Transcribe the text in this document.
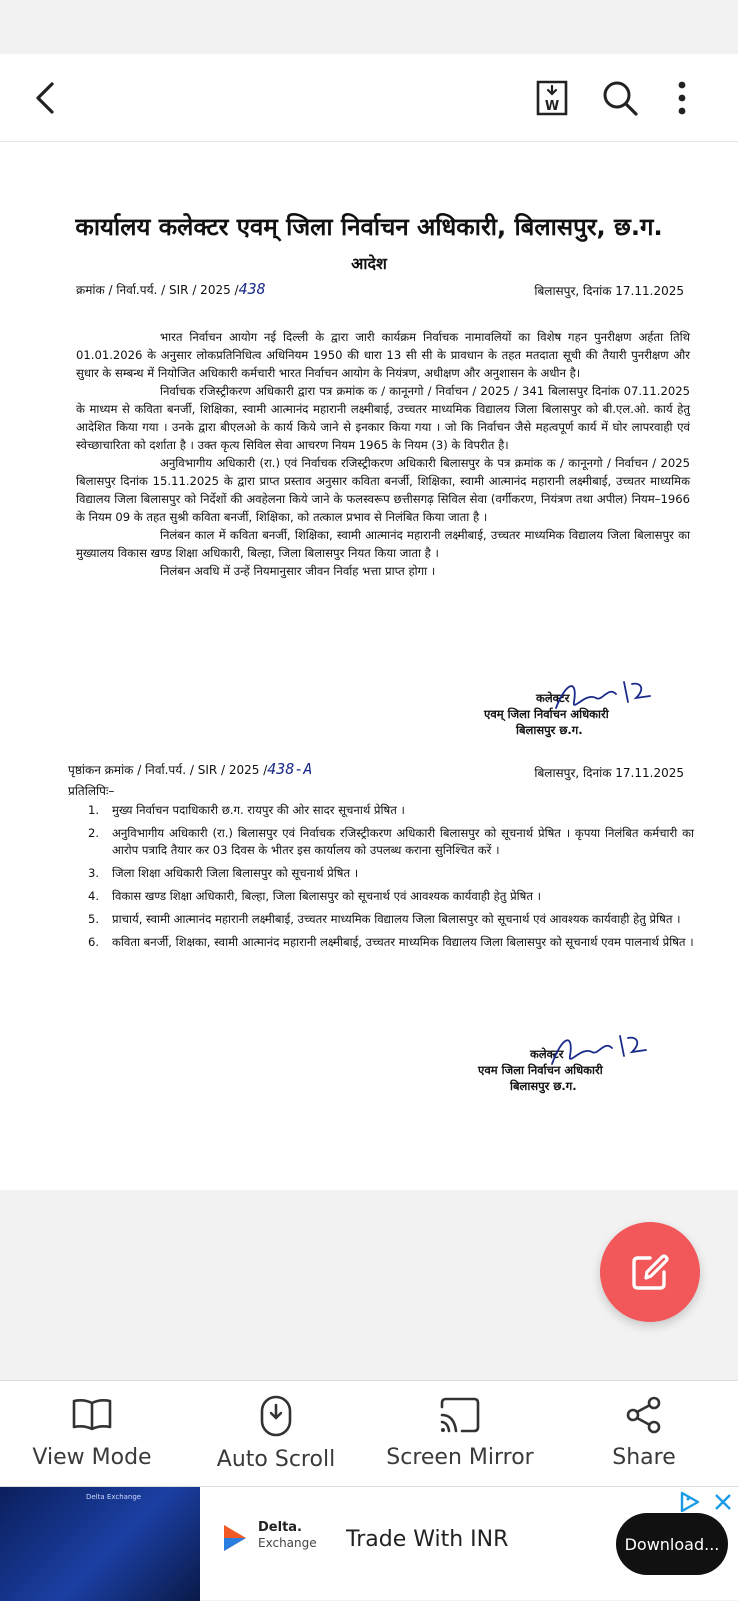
W
कार्यालय कलेक्टर एवम् जिला निर्वाचन अधिकारी, बिलासपुर, छ.ग.
आदेश
क्रमांक / निर्वा.पर्य. / SIR / 2025 /438	बिलासपुर, दिनांक 17.11.2025

भारत निर्वाचन आयोग नई दिल्ली के द्वारा जारी कार्यक्रम निर्वाचक नामावलियों का विशेष गहन पुनरीक्षण अर्हता तिथि 01.01.2026 के अनुसार लोकप्रतिनिधित्व अधिनियम 1950 की धारा 13 सी सी के प्रावधान के तहत मतदाता सूची की तैयारी पुनरीक्षण और सुधार के सम्बन्ध में नियोजित अधिकारी कर्मचारी भारत निर्वाचन आयोग के नियंत्रण, अधीक्षण और अनुशासन के अधीन है।

निर्वाचक रजिस्ट्रीकरण अधिकारी द्वारा पत्र क्रमांक क / कानूनगो / निर्वाचन / 2025 / 341 बिलासपुर दिनांक 07.11.2025 के माध्यम से कविता बनर्जी, शिक्षिका, स्वामी आत्मानंद महारानी लक्ष्मीबाई, उच्चतर माध्यमिक विद्यालय जिला बिलासपुर को बी.एल.ओ. कार्य हेतु आदेशित किया गया । उनके द्वारा बीएलओ के कार्य किये जाने से इनकार किया गया । जो कि निर्वाचन जैसे महत्वपूर्ण कार्य में घोर लापरवाही एवं स्वेच्छाचारिता को दर्शाता है । उक्त कृत्य सिविल सेवा आचरण नियम 1965 के नियम (3) के विपरीत है।

अनुविभागीय अधिकारी (रा.) एवं निर्वाचक रजिस्ट्रीकरण अधिकारी बिलासपुर के पत्र क्रमांक क / कानूनगो / निर्वाचन / 2025 बिलासपुर दिनांक 15.11.2025 के द्वारा प्राप्त प्रस्ताव अनुसार कविता बनर्जी, शिक्षिका, स्वामी आत्मानंद महारानी लक्ष्मीबाई, उच्चतर माध्यमिक विद्यालय जिला बिलासपुर को निर्देशों की अवहेलना किये जाने के फलस्वरूप छत्तीसगढ़ सिविल सेवा (वर्गीकरण, नियंत्रण तथा अपील) नियम–1966 के नियम 09 के तहत सुश्री कविता बनर्जी, शिक्षिका, को तत्काल प्रभाव से निलंबित किया जाता है ।

निलंबन काल में कविता बनर्जी, शिक्षिका, स्वामी आत्मानंद महारानी लक्ष्मीबाई, उच्चतर माध्यमिक विद्यालय जिला बिलासपुर का मुख्यालय विकास खण्ड शिक्षा अधिकारी, बिल्हा, जिला बिलासपुर नियत किया जाता है ।

निलंबन अवधि में उन्हें नियमानुसार जीवन निर्वाह भत्ता प्राप्त होगा ।

कलेक्टर
एवम् जिला निर्वाचन अधिकारी
बिलासपुर छ.ग.
पृष्ठांकन क्रमांक / निर्वा.पर्य. / SIR / 2025 /438-A	बिलासपुर, दिनांक 17.11.2025
प्रतिलिपिः–
1. मुख्य निर्वाचन पदाधिकारी छ.ग. रायपुर की ओर सादर सूचनार्थ प्रेषित ।
2. अनुविभागीय अधिकारी (रा.) बिलासपुर एवं निर्वाचक रजिस्ट्रीकरण अधिकारी बिलासपुर को सूचनार्थ प्रेषित । कृपया निलंबित कर्मचारी का आरोप पत्रादि तैयार कर 03 दिवस के भीतर इस कार्यालय को उपलब्ध कराना सुनिश्चित करें ।
3. जिला शिक्षा अधिकारी जिला बिलासपुर को सूचनार्थ प्रेषित ।
4. विकास खण्ड शिक्षा अधिकारी, बिल्हा, जिला बिलासपुर को सूचनार्थ एवं आवश्यक कार्यवाही हेतु प्रेषित ।
5. प्राचार्य, स्वामी आत्मानंद महारानी लक्ष्मीबाई, उच्चतर माध्यमिक विद्यालय जिला बिलासपुर को सूचनार्थ एवं आवश्यक कार्यवाही हेतु प्रेषित ।
6. कविता बनर्जी, शिक्षका, स्वामी आत्मानंद महारानी लक्ष्मीबाई, उच्चतर माध्यमिक विद्यालय जिला बिलासपुर को सूचनार्थ एवम पालनार्थ प्रेषित ।
कलेक्टर
एवम जिला निर्वाचन अधिकारी
बिलासपुर छ.ग.
View Mode	Auto Scroll	Screen Mirror	Share
Delta Exchange
Delta.
Exchange Trade With INR	Download...
